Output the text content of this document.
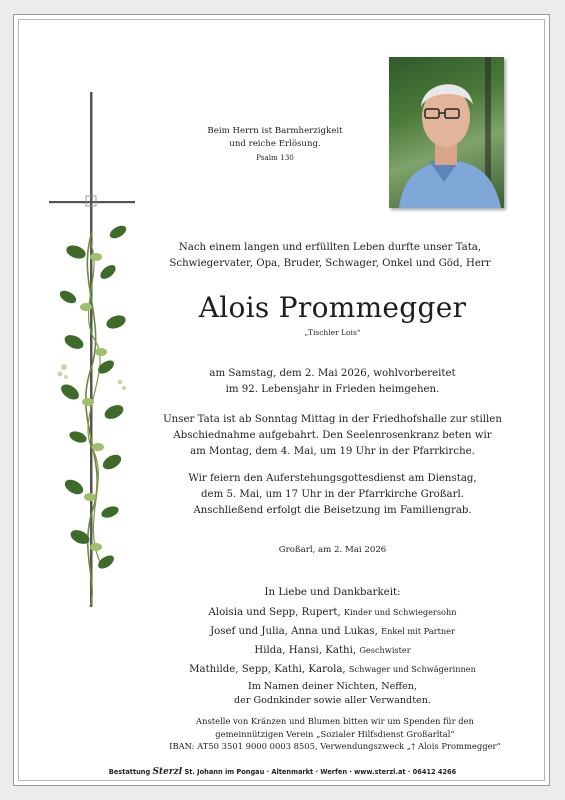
Beim Herrn ist Barmherzigkeit
und reiche Erlösung.
Psalm 130
Nach einem langen und erfüllten Leben durfte unser Tata,
Schwiegervater, Opa, Bruder, Schwager, Onkel und Göd, Herr
Alois Prommegger
„Tischler Lois“
am Samstag, dem 2. Mai 2026, wohlvorbereitet
im 92. Lebensjahr in Frieden heimgehen.
Unser Tata ist ab Sonntag Mittag in der Friedhofshalle zur stillen
Abschiednahme aufgebahrt. Den Seelenrosenkranz beten wir
am Montag, dem 4. Mai, um 19 Uhr in der Pfarrkirche.
Wir feiern den Auferstehungsgottesdienst am Dienstag,
dem 5. Mai, um 17 Uhr in der Pfarrkirche Großarl.
Anschließend erfolgt die Beisetzung im Familiengrab.
Großarl, am 2. Mai 2026
In Liebe und Dankbarkeit:
Aloisia und Sepp, Rupert, Kinder und Schwiegersohn
Josef und Julia, Anna und Lukas, Enkel mit Partner
Hilda, Hansi, Kathi, Geschwister
Mathilde, Sepp, Kathi, Karola, Schwager und Schwägerinnen
Im Namen deiner Nichten, Neffen,
der Godnkinder sowie aller Verwandten.
Anstelle von Kränzen und Blumen bitten wir um Spenden für den
gemeinnützigen Verein „Sozialer Hilfsdienst Großarltal“
IBAN: AT50 3501 9000 0003 8505, Verwendungszweck „† Alois Prommegger“
Bestattung Sterzl St. Johann im Pongau · Altenmarkt · Werfen · www.sterzl.at · 06412 4266
